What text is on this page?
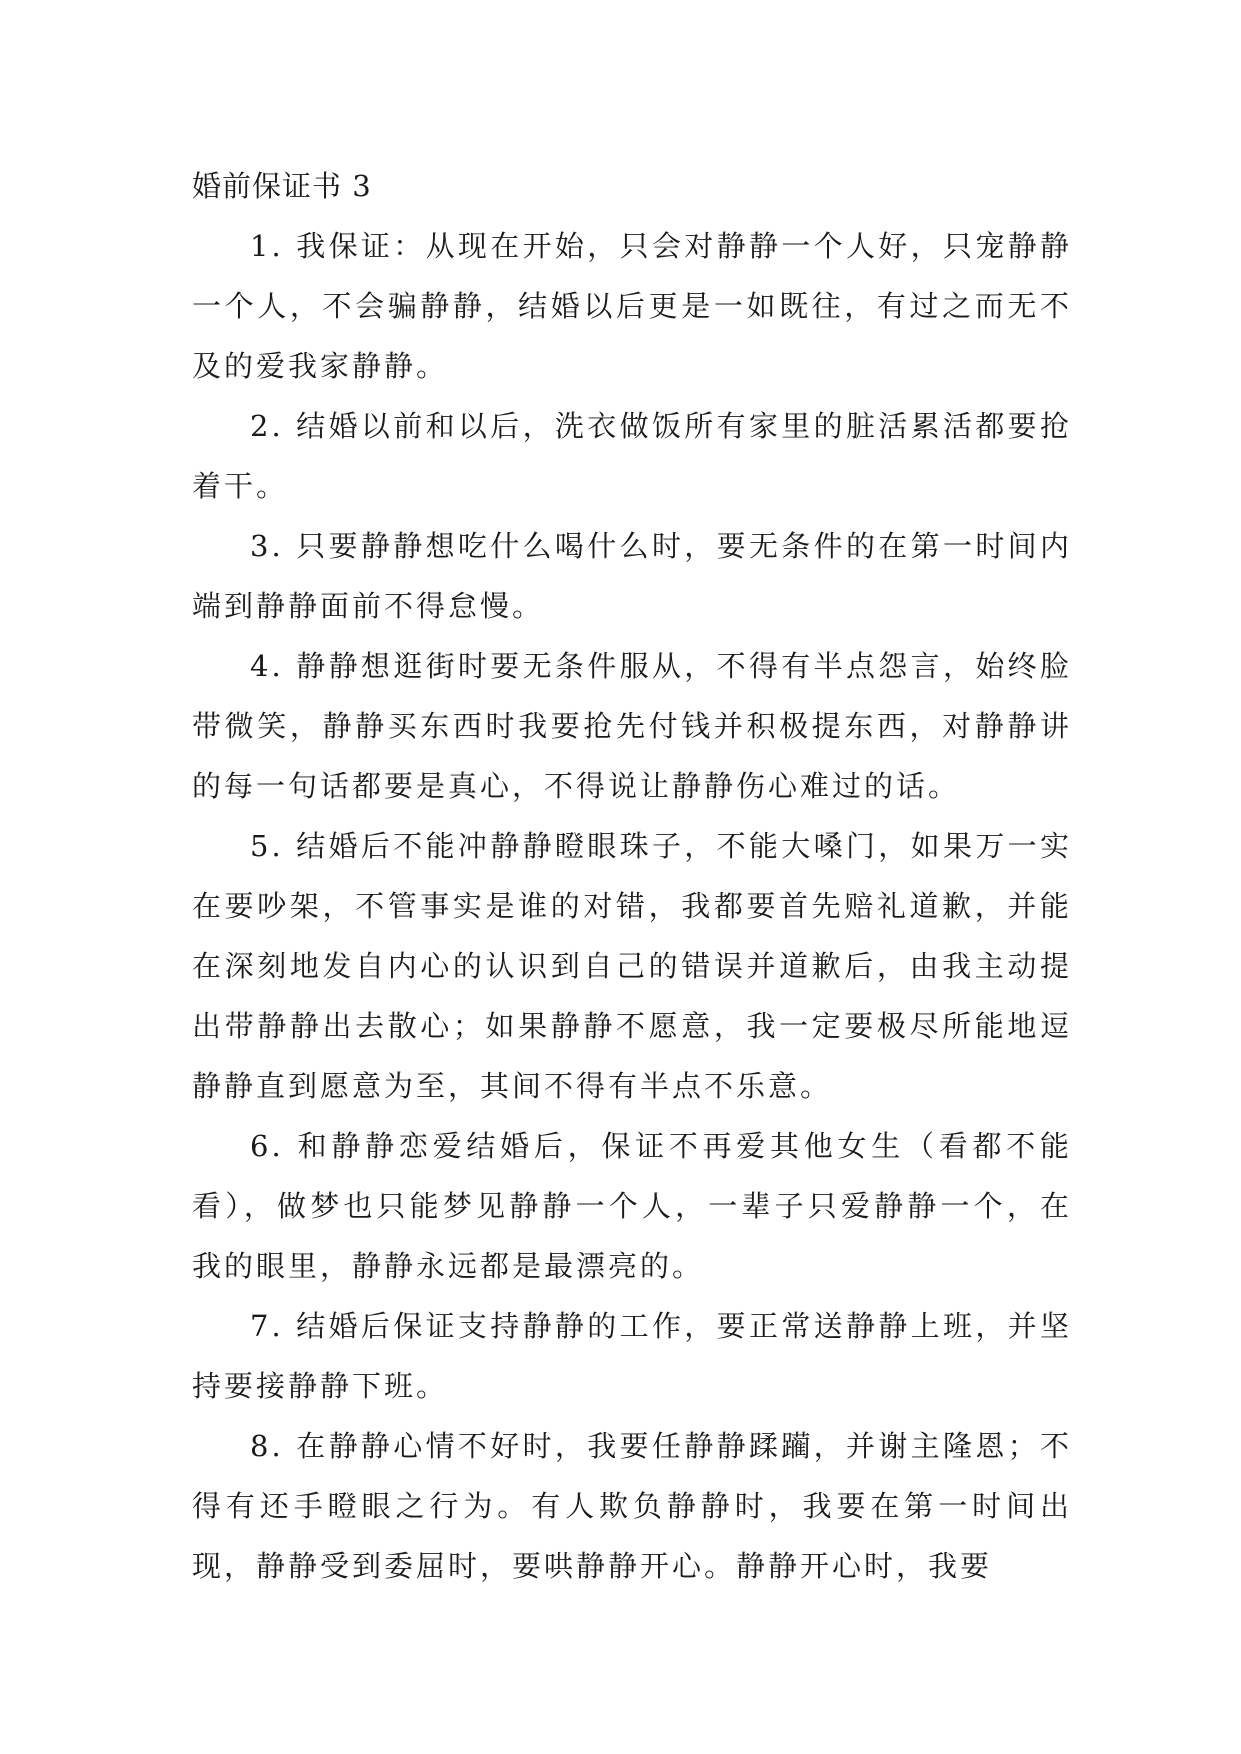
婚前保证书 3

1. 我保证：从现在开始，只会对静静一个人好，只宠静静一个人，不会骗静静，结婚以后更是一如既往，有过之而无不及的爱我家静静。

2. 结婚以前和以后，洗衣做饭所有家里的脏活累活都要抢着干。

3. 只要静静想吃什么喝什么时，要无条件的在第一时间内端到静静面前不得怠慢。

4. 静静想逛街时要无条件服从，不得有半点怨言，始终脸带微笑，静静买东西时我要抢先付钱并积极提东西，对静静讲的每一句话都要是真心，不得说让静静伤心难过的话。

5. 结婚后不能冲静静瞪眼珠子，不能大嗓门，如果万一实在要吵架，不管事实是谁的对错，我都要首先赔礼道歉，并能在深刻地发自内心的认识到自己的错误并道歉后，由我主动提出带静静出去散心；如果静静不愿意，我一定要极尽所能地逗静静直到愿意为至，其间不得有半点不乐意。

6. 和静静恋爱结婚后，保证不再爱其他女生（看都不能看），做梦也只能梦见静静一个人，一辈子只爱静静一个，在我的眼里，静静永远都是最漂亮的。

7. 结婚后保证支持静静的工作，要正常送静静上班，并坚持要接静静下班。

8. 在静静心情不好时，我要任静静蹂躏，并谢主隆恩；不得有还手瞪眼之行为。有人欺负静静时，我要在第一时间出现，静静受到委屈时，要哄静静开心。静静开心时，我要
